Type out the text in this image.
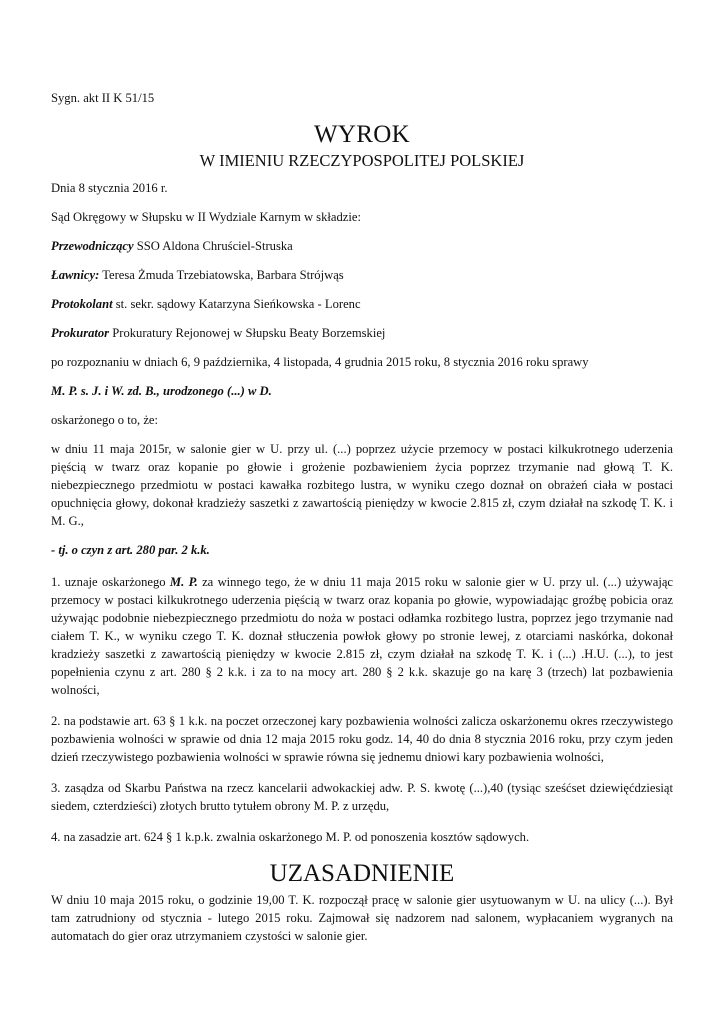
Sygn. akt II K 51/15

WYROK

W IMIENIU RZECZYPOSPOLITEJ POLSKIEJ

Dnia 8 stycznia 2016 r.

Sąd Okręgowy w Słupsku w II Wydziale Karnym w składzie:

Przewodniczący SSO Aldona Chruściel-Struska

Ławnicy: Teresa Żmuda Trzebiatowska, Barbara Strójwąs

Protokolant st. sekr. sądowy Katarzyna Sieńkowska - Lorenc

Prokurator Prokuratury Rejonowej w Słupsku Beaty Borzemskiej

po rozpoznaniu w dniach 6, 9 października, 4 listopada, 4 grudnia 2015 roku, 8 stycznia 2016 roku sprawy

M. P. s. J. i W. zd. B., urodzonego (...) w D.

oskarżonego o to, że:

w dniu 11 maja 2015r, w salonie gier w U. przy ul. (...) poprzez użycie przemocy w postaci kilkukrotnego uderzenia pięścią w twarz oraz kopanie po głowie i grożenie pozbawieniem życia poprzez trzymanie nad głową T. K. niebezpiecznego przedmiotu w postaci kawałka rozbitego lustra, w wyniku czego doznał on obrażeń ciała w postaci opuchnięcia głowy, dokonał kradzieży saszetki z zawartością pieniędzy w kwocie 2.815 zł, czym działał na szkodę T. K. i M. G.,

- tj. o czyn z art. 280 par. 2 k.k.

1. uznaje oskarżonego M. P. za winnego tego, że w dniu 11 maja 2015 roku w salonie gier w U. przy ul. (...) używając przemocy w postaci kilkukrotnego uderzenia pięścią w twarz oraz kopania po głowie, wypowiadając groźbę pobicia oraz używając podobnie niebezpiecznego przedmiotu do noża w postaci odłamka rozbitego lustra, poprzez jego trzymanie nad ciałem T. K., w wyniku czego T. K. doznał stłuczenia powłok głowy po stronie lewej, z otarciami naskórka, dokonał kradzieży saszetki z zawartością pieniędzy w kwocie 2.815 zł, czym działał na szkodę T. K. i (...) .H.U. (...), to jest popełnienia czynu z art. 280 § 2 k.k. i za to na mocy art. 280 § 2 k.k. skazuje go na karę 3 (trzech) lat pozbawienia wolności,

2. na podstawie art. 63 § 1 k.k. na poczet orzeczonej kary pozbawienia wolności zalicza oskarżonemu okres rzeczywistego pozbawienia wolności w sprawie od dnia 12 maja 2015 roku godz. 14, 40 do dnia 8 stycznia 2016 roku, przy czym jeden dzień rzeczywistego pozbawienia wolności w sprawie równa się jednemu dniowi kary pozbawienia wolności,

3. zasądza od Skarbu Państwa na rzecz kancelarii adwokackiej adw. P. S. kwotę (...),40 (tysiąc sześćset dziewięćdziesiąt siedem, czterdzieści) złotych brutto tytułem obrony M. P. z urzędu,

4. na zasadzie art. 624 § 1 k.p.k. zwalnia oskarżonego M. P. od ponoszenia kosztów sądowych.

UZASADNIENIE

W dniu 10 maja 2015 roku, o godzinie 19,00 T. K. rozpoczął pracę w salonie gier usytuowanym w U. na ulicy (...). Był tam zatrudniony od stycznia - lutego 2015 roku. Zajmował się nadzorem nad salonem, wypłacaniem wygranych na automatach do gier oraz utrzymaniem czystości w salonie gier.
